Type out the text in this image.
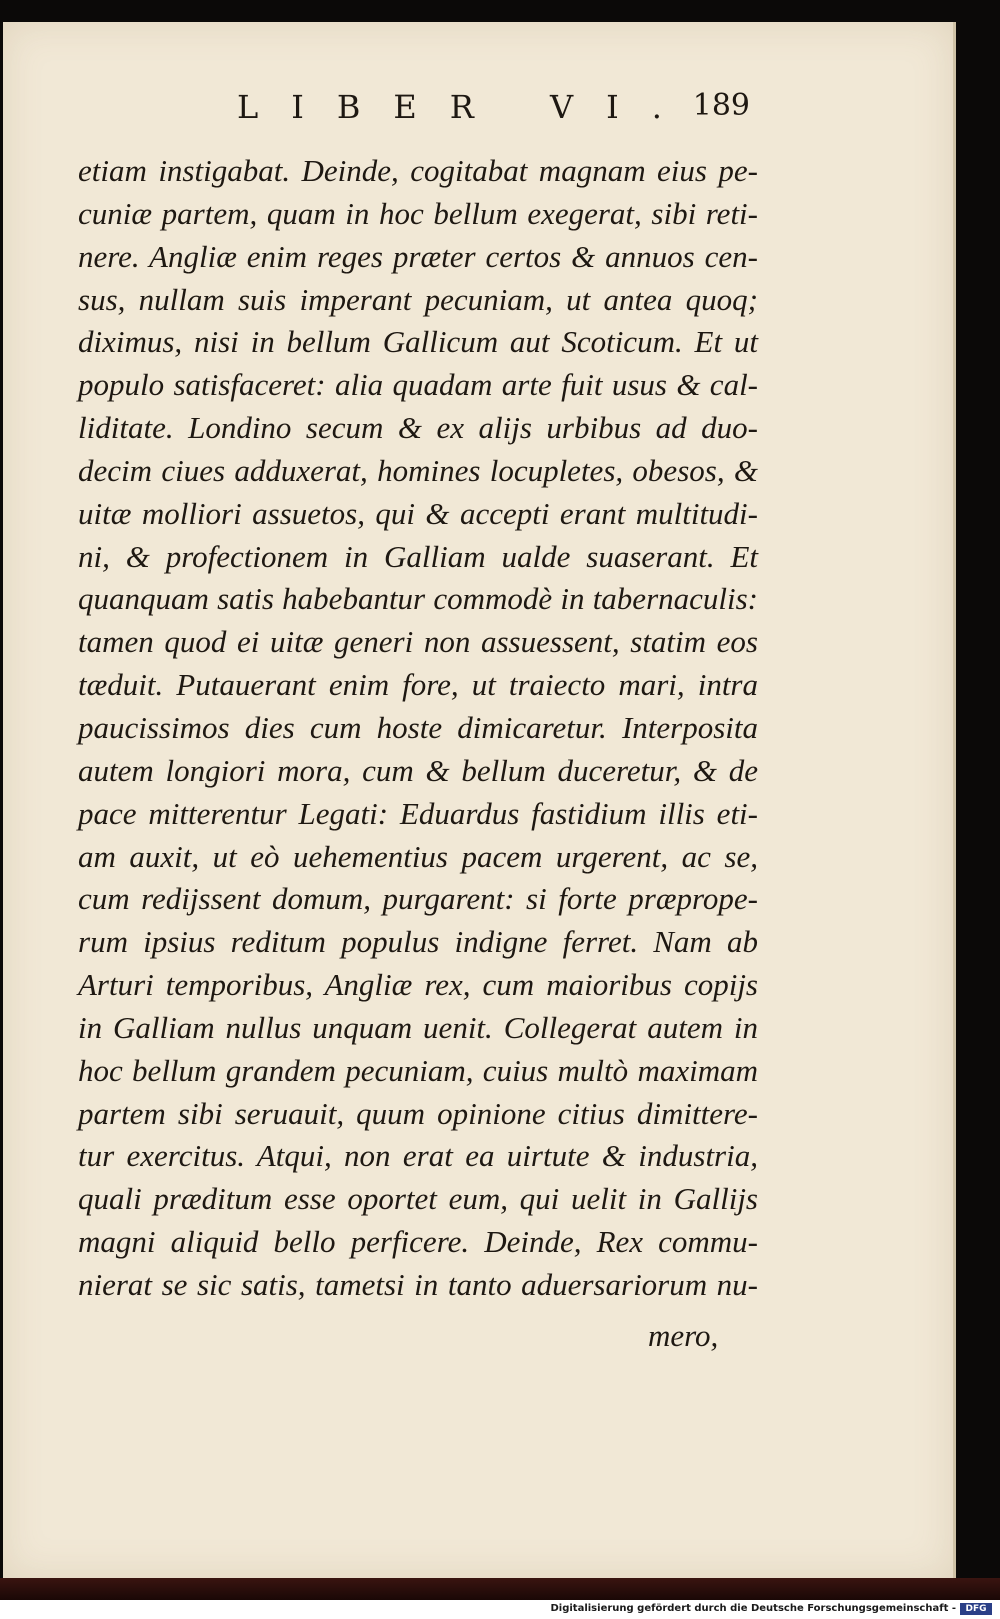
LIBER VI.
189
etiam instigabat. Deinde, cogitabat magnam eius pe-
cuniæ partem, quam in hoc bellum exegerat, sibi reti-
nere. Angliæ enim reges præter certos & annuos cen-
sus, nullam suis imperant pecuniam, ut antea quoq;
diximus, nisi in bellum Gallicum aut Scoticum. Et ut
populo satisfaceret: alia quadam arte fuit usus & cal-
liditate. Londino secum & ex alijs urbibus ad duo-
decim ciues adduxerat, homines locupletes, obesos, &
uitæ molliori assuetos, qui & accepti erant multitudi-
ni, & profectionem in Galliam ualde suaserant. Et
quanquam satis habebantur commodè in tabernaculis:
tamen quod ei uitæ generi non assuessent, statim eos
tæduit. Putauerant enim fore, ut traiecto mari, intra
paucissimos dies cum hoste dimicaretur. Interposita
autem longiori mora, cum & bellum duceretur, & de
pace mitterentur Legati: Eduardus fastidium illis eti-
am auxit, ut eò uehementius pacem urgerent, ac se,
cum redijssent domum, purgarent: si forte præprope-
rum ipsius reditum populus indigne ferret. Nam ab
Arturi temporibus, Angliæ rex, cum maioribus copijs
in Galliam nullus unquam uenit. Collegerat autem in
hoc bellum grandem pecuniam, cuius multò maximam
partem sibi seruauit, quum opinione citius dimittere-
tur exercitus. Atqui, non erat ea uirtute & industria,
quali præditum esse oportet eum, qui uelit in Gallijs
magni aliquid bello perficere. Deinde, Rex commu-
nierat se sic satis, tametsi in tanto aduersariorum nu-
mero,
Digitalisierung gefördert durch die Deutsche Forschungsgemeinschaft -	DFG
